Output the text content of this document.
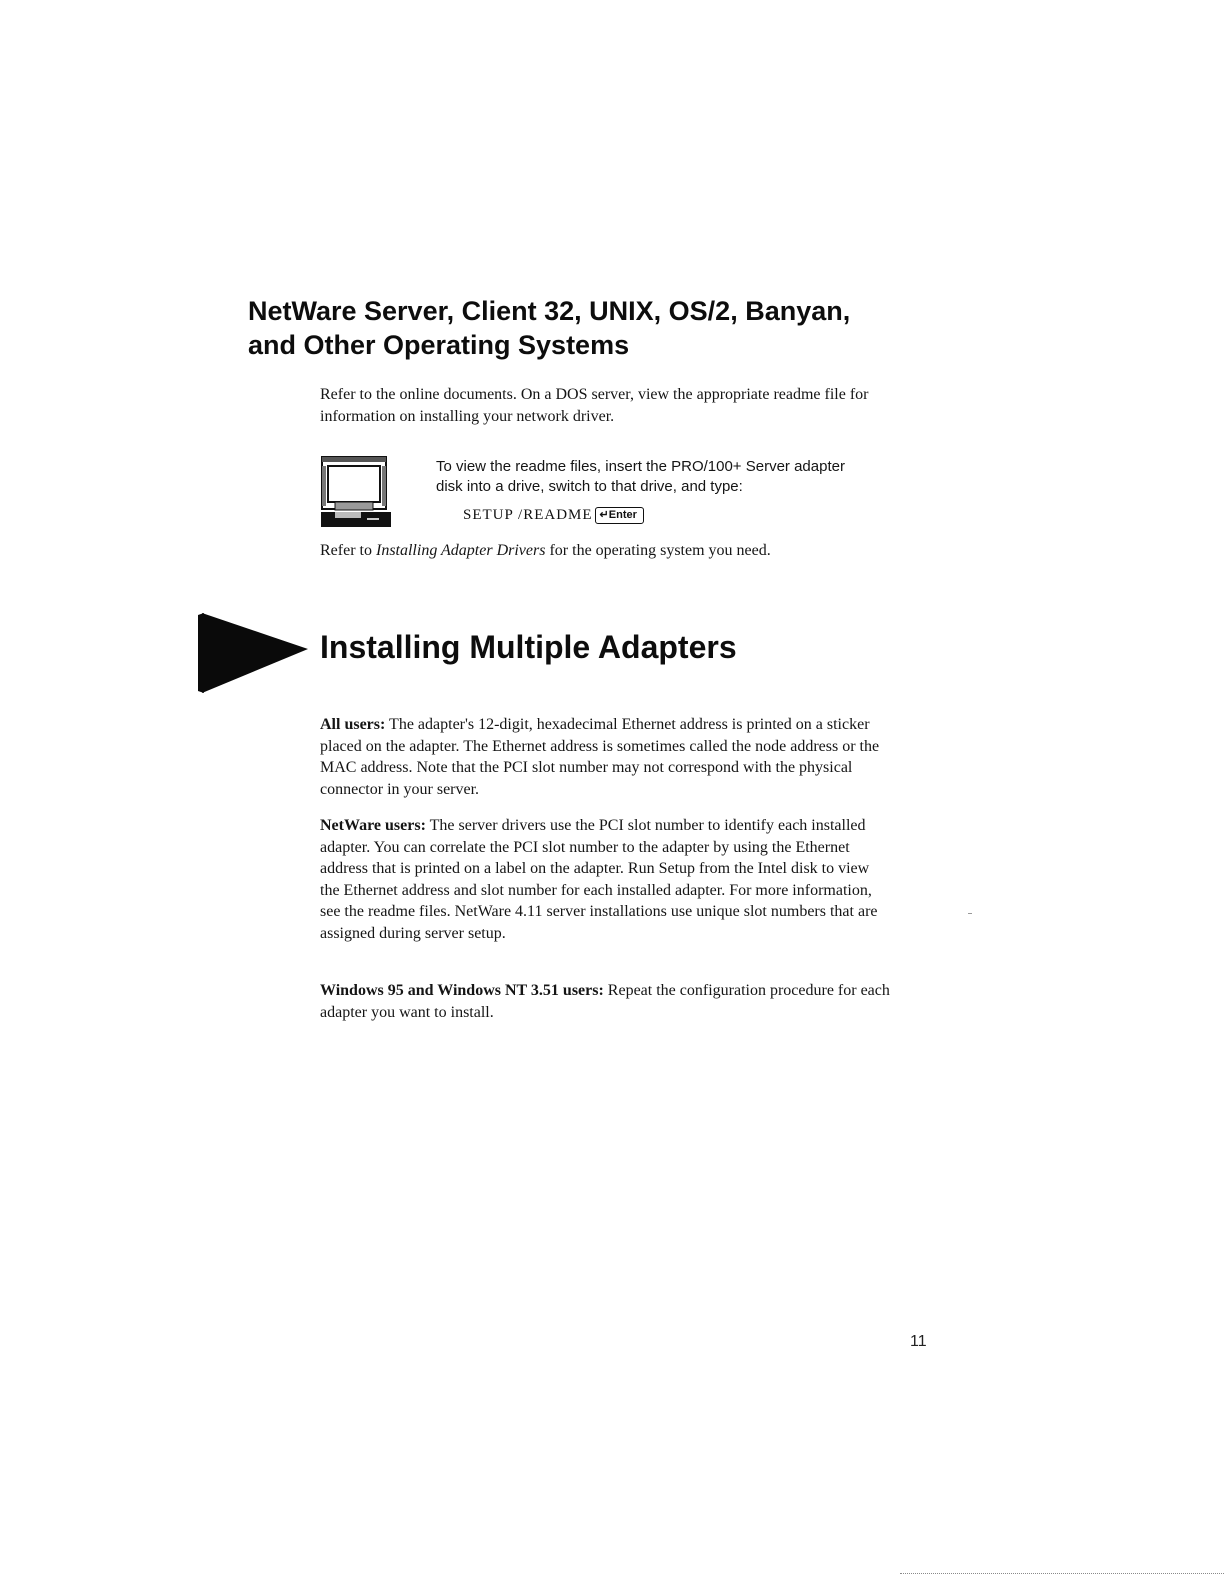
NetWare Server, Client 32, UNIX, OS/2, Banyan,
and Other Operating Systems

Refer to the online documents. On a DOS server, view the appropriate readme file for information on installing your network driver.

To view the readme files, insert the PRO/100+ Server adapter
disk into a drive, switch to that drive, and type:

SETUP /README ↵Enter

Refer to Installing Adapter Drivers for the operating system you need.

Installing Multiple Adapters

All users: The adapter's 12-digit, hexadecimal Ethernet address is printed on a sticker placed on the adapter. The Ethernet address is sometimes called the node address or the MAC address. Note that the PCI slot number may not correspond with the physical connector in your server.

NetWare users: The server drivers use the PCI slot number to identify each installed adapter. You can correlate the PCI slot number to the adapter by using the Ethernet address that is printed on a label on the adapter. Run Setup from the Intel disk to view the Ethernet address and slot number for each installed adapter. For more information, see the readme files. NetWare 4.11 server installations use unique slot numbers that are assigned during server setup.

Windows 95 and Windows NT 3.51 users: Repeat the configuration procedure for each adapter you want to install.

11
